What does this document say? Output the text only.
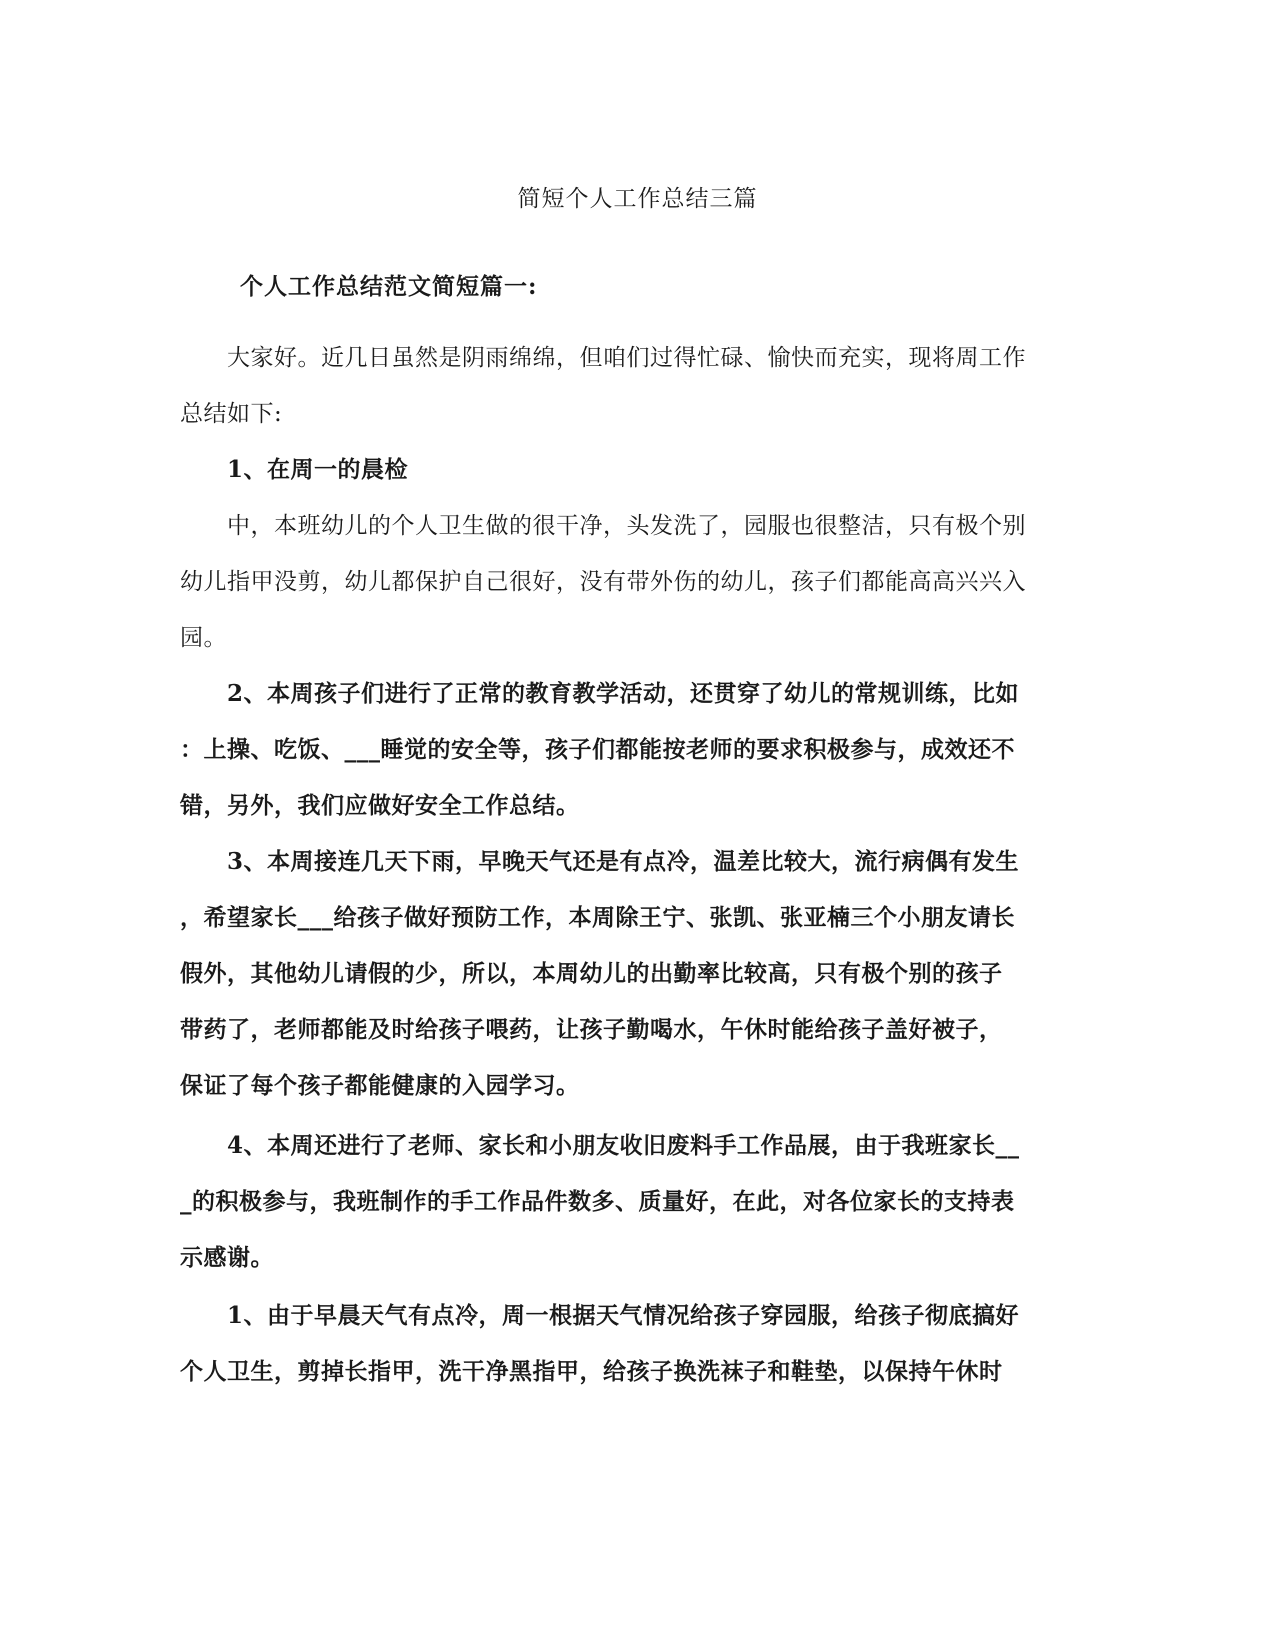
简短个人工作总结三篇
个人工作总结范文简短篇一:
大家好。近几日虽然是阴雨绵绵，但咱们过得忙碌、愉快而充实，现将周工作
总结如下:
1、在周一的晨检
中，本班幼儿的个人卫生做的很干净，头发洗了，园服也很整洁，只有极个别
幼儿指甲没剪，幼儿都保护自己很好，没有带外伤的幼儿，孩子们都能高高兴兴入
园。
2、本周孩子们进行了正常的教育教学活动，还贯穿了幼儿的常规训练，比如
：上操、吃饭、___睡觉的安全等，孩子们都能按老师的要求积极参与，成效还不
错，另外，我们应做好安全工作总结。
3、本周接连几天下雨，早晚天气还是有点冷，温差比较大，流行病偶有发生
，希望家长___给孩子做好预防工作，本周除王宁、张凯、张亚楠三个小朋友请长
假外，其他幼儿请假的少，所以，本周幼儿的出勤率比较高，只有极个别的孩子
带药了，老师都能及时给孩子喂药，让孩子勤喝水，午休时能给孩子盖好被子，
保证了每个孩子都能健康的入园学习。
4、本周还进行了老师、家长和小朋友收旧废料手工作品展，由于我班家长__
_的积极参与，我班制作的手工作品件数多、质量好，在此，对各位家长的支持表
示感谢。
1、由于早晨天气有点冷，周一根据天气情况给孩子穿园服，给孩子彻底搞好
个人卫生，剪掉长指甲，洗干净黑指甲，给孩子换洗袜子和鞋垫，以保持午休时
